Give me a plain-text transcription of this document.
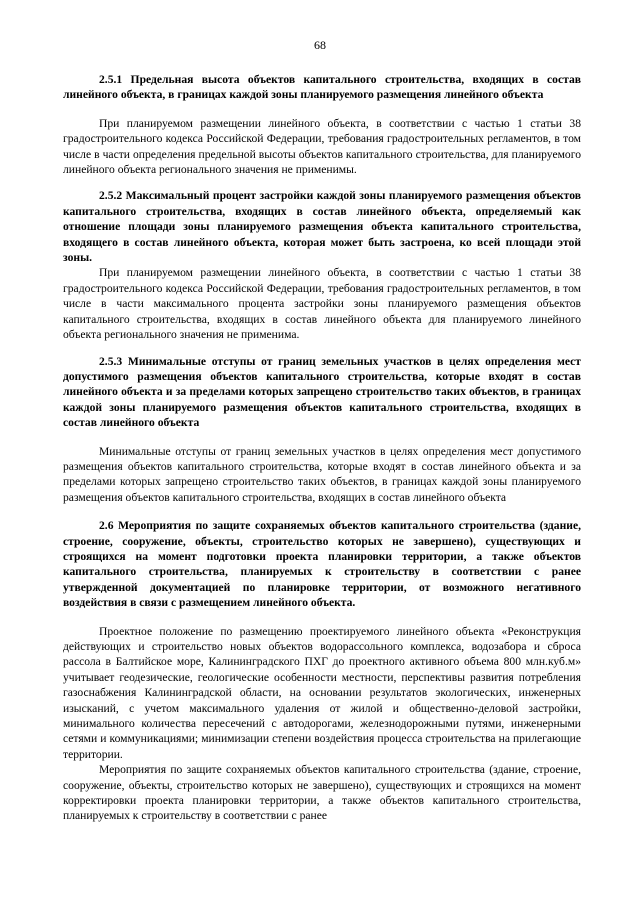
68

2.5.1 Предельная высота объектов капитального строительства, входящих в состав линейного объекта, в границах каждой зоны планируемого размещения линейного объекта

При планируемом размещении линейного объекта, в соответствии с частью 1 статьи 38 градостроительного кодекса Российской Федерации, требования градостроительных регламентов, в том числе в части определения предельной высоты объектов капитального строительства, для планируемого линейного объекта регионального значения не применимы.

2.5.2 Максимальный процент застройки каждой зоны планируемого размещения объектов капитального строительства, входящих в состав линейного объекта, определяемый как отношение площади зоны планируемого размещения объекта капитального строительства, входящего в состав линейного объекта, которая может быть застроена, ко всей площади этой зоны.

При планируемом размещении линейного объекта, в соответствии с частью 1 статьи 38 градостроительного кодекса Российской Федерации, требования градостроительных регламентов, в том числе в части максимального процента застройки зоны планируемого размещения объектов капитального строительства, входящих в состав линейного объекта для планируемого линейного объекта регионального значения не применима.

2.5.3 Минимальные отступы от границ земельных участков в целях определения мест допустимого размещения объектов капитального строительства, которые входят в состав линейного объекта и за пределами которых запрещено строительство таких объектов, в границах каждой зоны планируемого размещения объектов капитального строительства, входящих в состав линейного объекта

Минимальные отступы от границ земельных участков в целях определения мест допустимого размещения объектов капитального строительства, которые входят в состав линейного объекта и за пределами которых запрещено строительство таких объектов, в границах каждой зоны планируемого размещения объектов капитального строительства, входящих в состав линейного объекта

2.6 Мероприятия по защите сохраняемых объектов капитального строительства (здание, строение, сооружение, объекты, строительство которых не завершено), существующих и строящихся на момент подготовки проекта планировки территории, а также объектов капитального строительства, планируемых к строительству в соответствии с ранее утвержденной документацией по планировке территории, от возможного негативного воздействия в связи с размещением линейного объекта.

Проектное положение по размещению проектируемого линейного объекта «Реконструкция действующих и строительство новых объектов водорассольного комплекса, водозабора и сброса рассола в Балтийское море, Калининградского ПХГ до проектного активного объема 800 млн.куб.м» учитывает геодезические, геологические особенности местности, перспективы развития потребления газоснабжения Калининградской области, на основании результатов экологических, инженерных изысканий, с учетом максимального удаления от жилой и общественно-деловой застройки, минимального количества пересечений с автодорогами, железнодорожными путями, инженерными сетями и коммуникациями; минимизации степени воздействия процесса строительства на прилегающие территории.

Мероприятия по защите сохраняемых объектов капитального строительства (здание, строение, сооружение, объекты, строительство которых не завершено), существующих и строящихся на момент корректировки проекта планировки территории, а также объектов капитального строительства, планируемых к строительству в соответствии с ранее
